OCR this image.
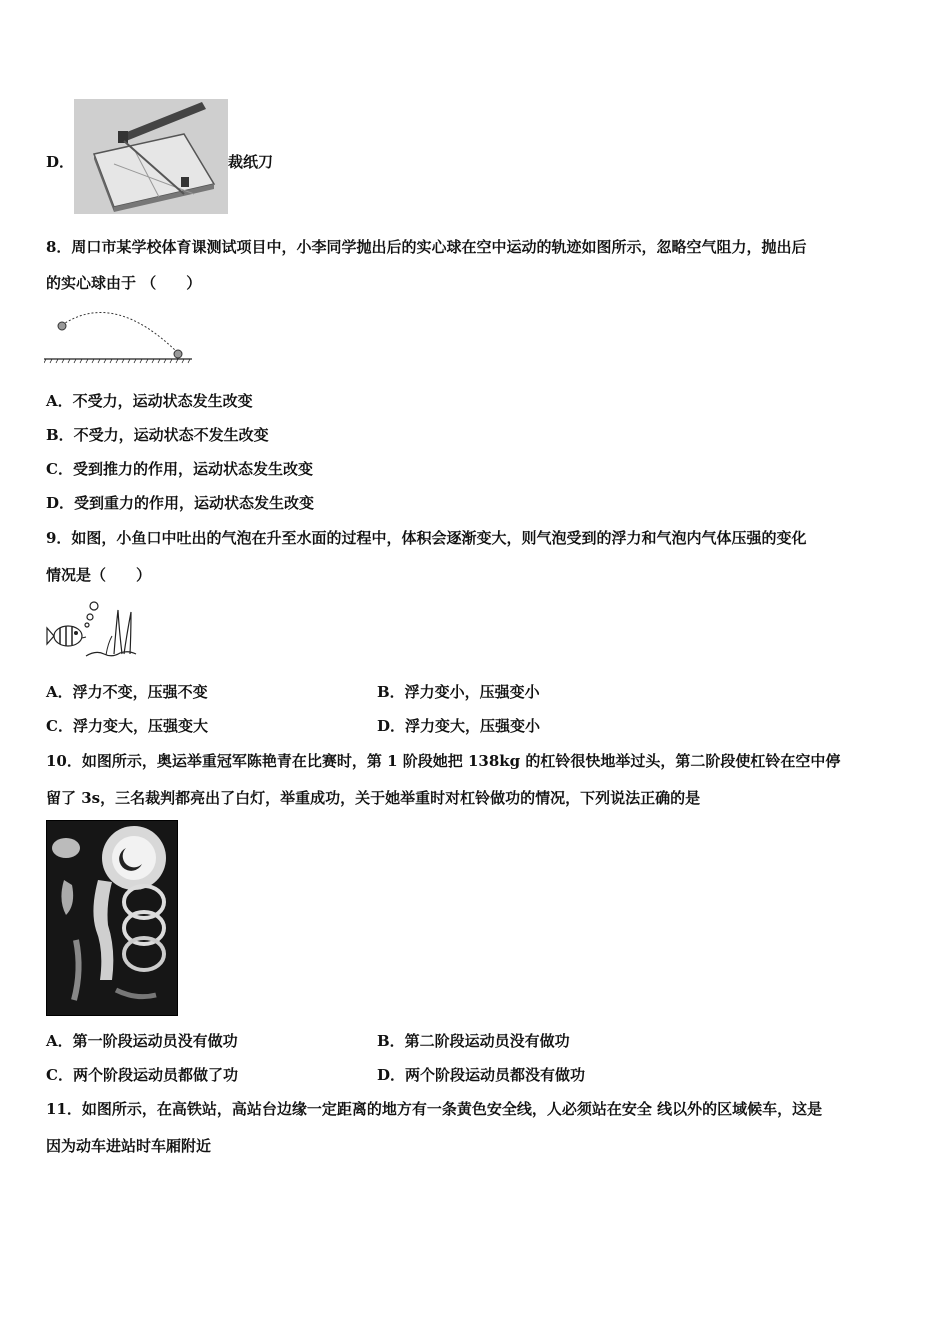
D．	裁纸刀
8．周口市某学校体育课测试项目中，小李同学抛出后的实心球在空中运动的轨迹如图所示，忽略空气阻力，抛出后
的实心球由于 （　　）
A．不受力，运动状态发生改变
B．不受力，运动状态不发生改变
C．受到推力的作用，运动状态发生改变
D．受到重力的作用，运动状态发生改变
9．如图，小鱼口中吐出的气泡在升至水面的过程中，体积会逐渐变大，则气泡受到的浮力和气泡内气体压强的变化
情况是（　　）
A．浮力不变，压强不变	B．浮力变小，压强变小
C．浮力变大，压强变大	D．浮力变大，压强变小
10．如图所示，奥运举重冠军陈艳青在比赛时，第 1 阶段她把 138kg 的杠铃很快地举过头，第二阶段使杠铃在空中停
留了 3s，三名裁判都亮出了白灯，举重成功，关于她举重时对杠铃做功的情况，下列说法正确的是
A．第一阶段运动员没有做功	B．第二阶段运动员没有做功
C．两个阶段运动员都做了功	D．两个阶段运动员都没有做功
11．如图所示，在高铁站，高站台边缘一定距离的地方有一条黄色安全线，人必须站在安全 线以外的区域候车，这是
因为动车进站时车厢附近
